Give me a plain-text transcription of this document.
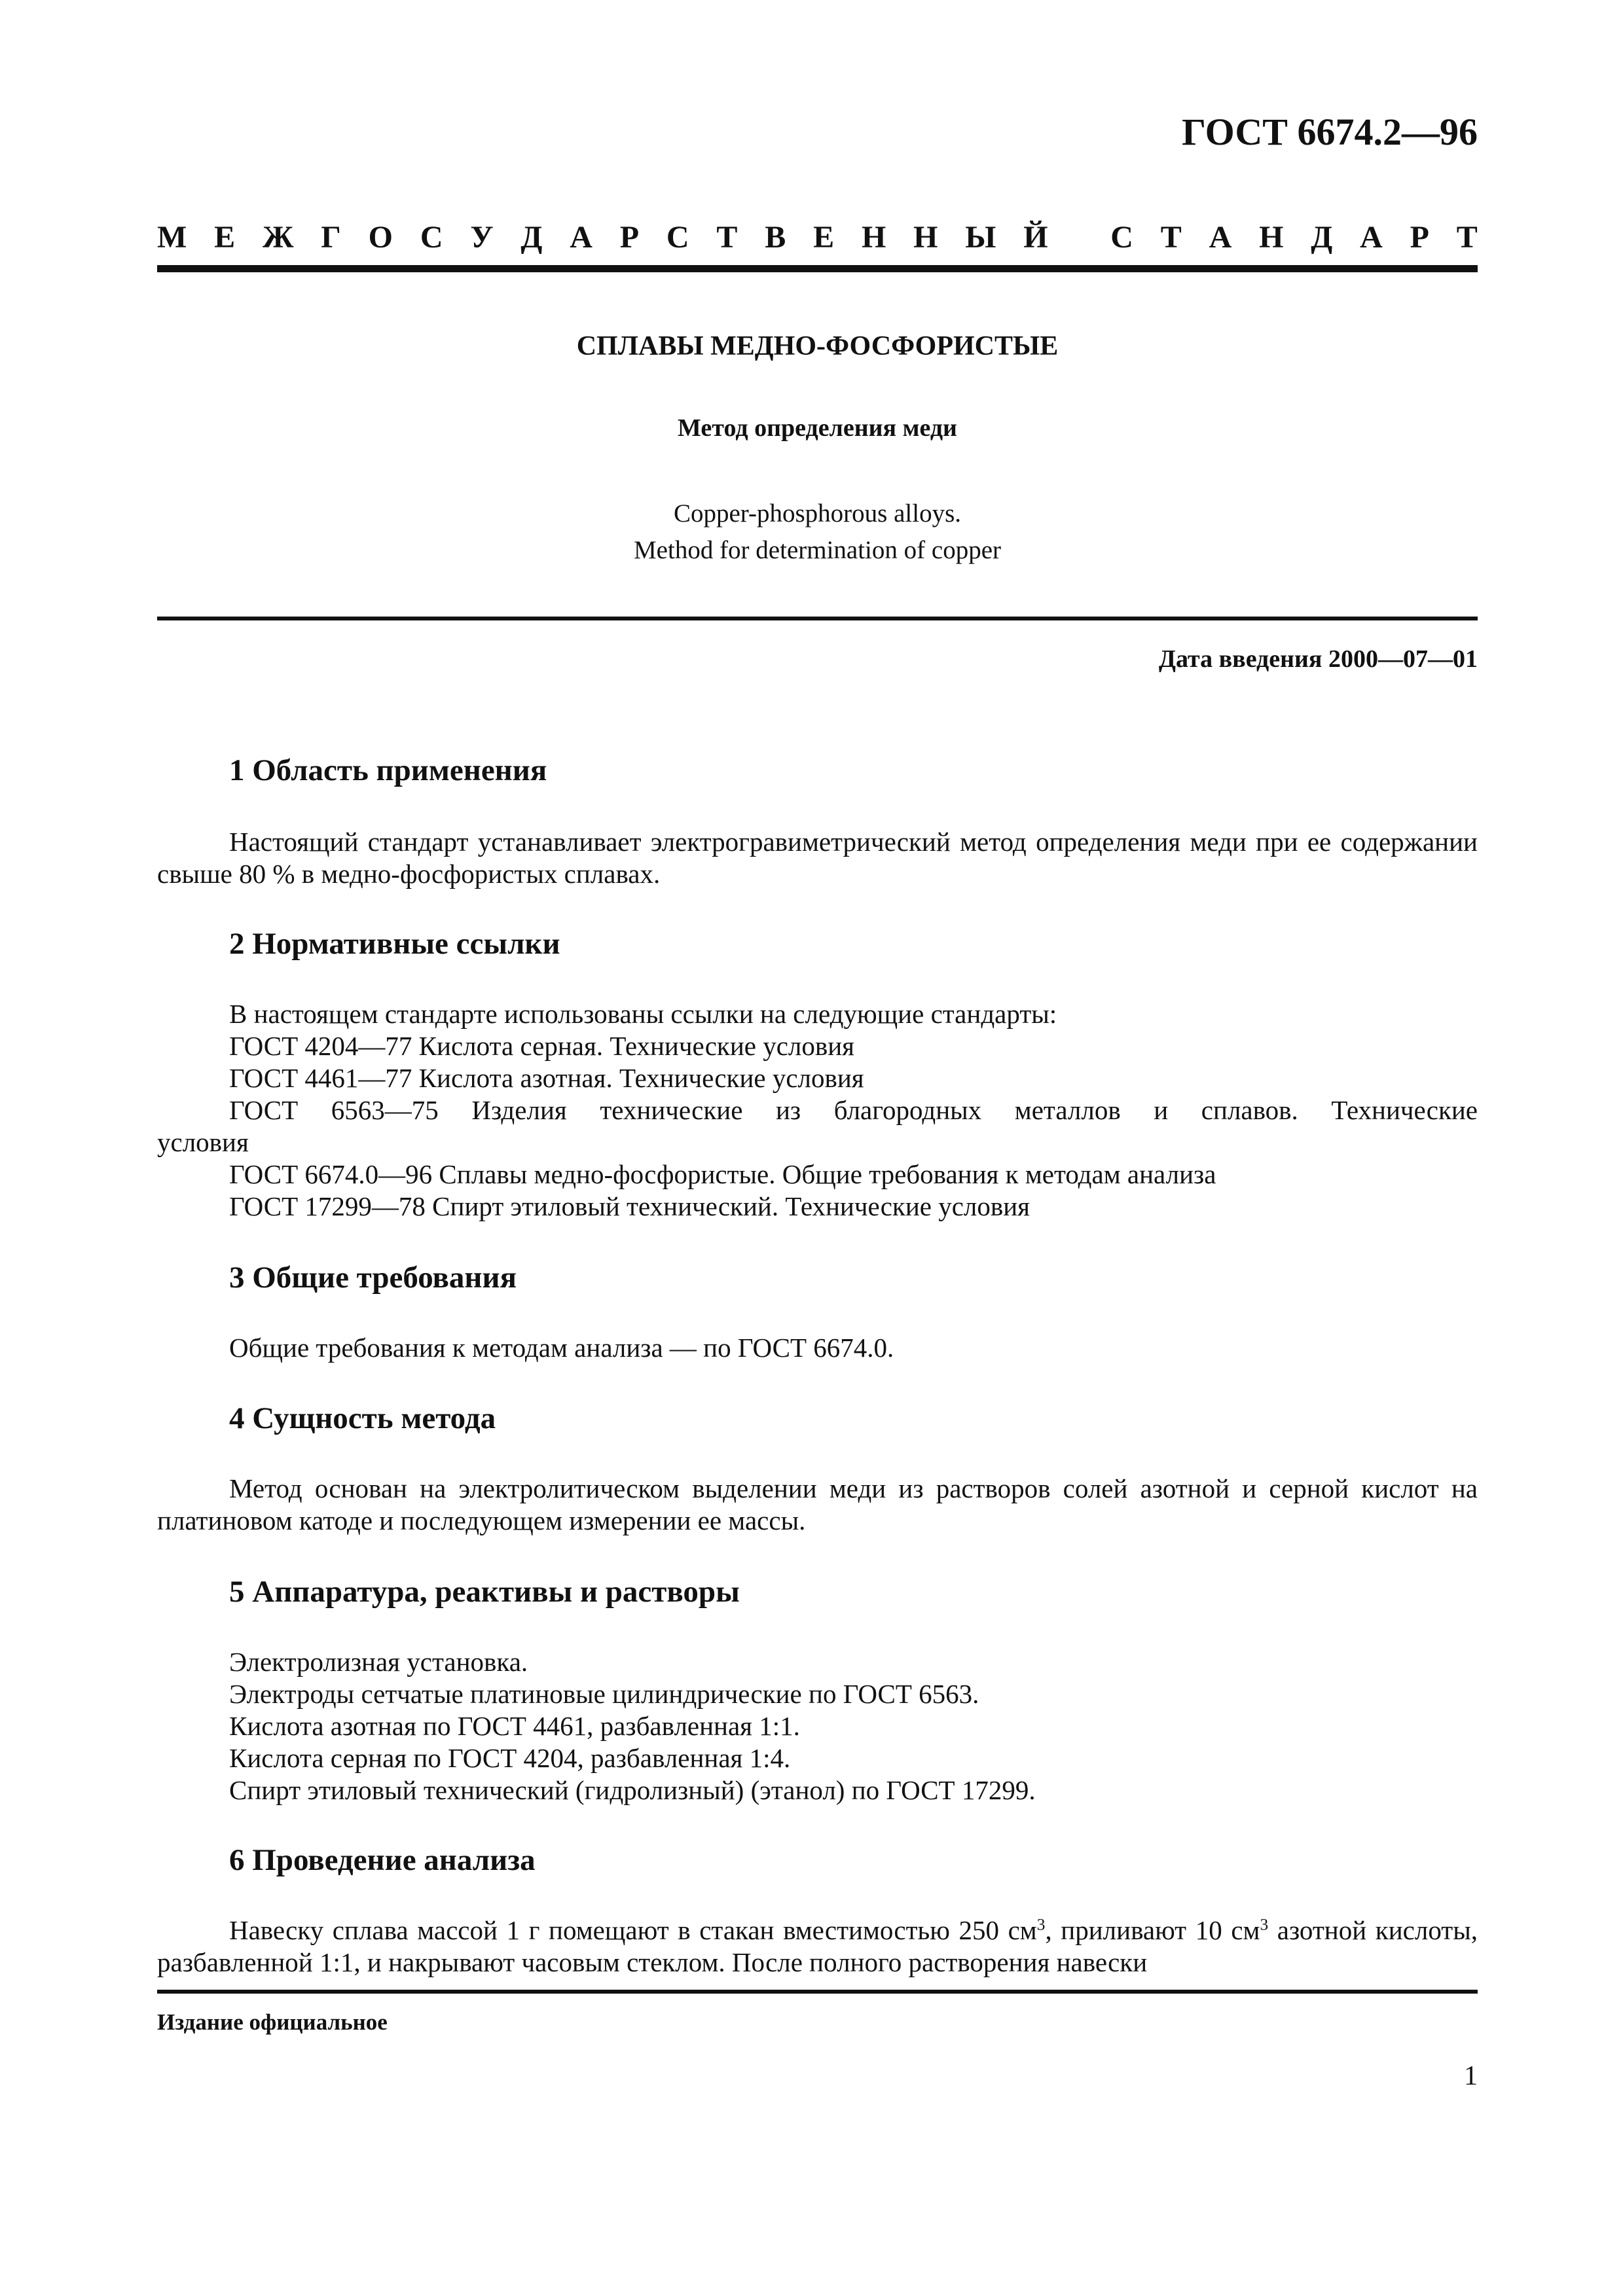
ГОСТ 6674.2—96
М Е Ж Г О С У Д А Р С Т В Е Н Н Ы Й
С Т А Н Д А Р Т
СПЛАВЫ МЕДНО-ФОСФОРИСТЫЕ
Метод определения меди
Copper-phosphorous alloys.
Method for determination of copper
Дата введения 2000—07—01
1 Область применения

Настоящий стандарт устанавливает электрогравиметрический метод определения меди при ее содержании свыше 80 % в медно-фосфористых сплавах.

2 Нормативные ссылки
В настоящем стандарте использованы ссылки на следующие стандарты:
ГОСТ 4204—77 Кислота серная. Технические условия
ГОСТ 4461—77 Кислота азотная. Технические условия
ГОСТ 6563—75 Изделия технические из благородных металлов и сплавов. Технические
условия
ГОСТ 6674.0—96 Сплавы медно-фосфористые. Общие требования к методам анализа
ГОСТ 17299—78 Спирт этиловый технический. Технические условия
3 Общие требования
Общие требования к методам анализа — по ГОСТ 6674.0.
4 Сущность метода

Метод основан на электролитическом выделении меди из растворов солей азотной и серной кислот на платиновом катоде и последующем измерении ее массы.

5 Аппаратура, реактивы и растворы
Электролизная установка.
Электроды сетчатые платиновые цилиндрические по ГОСТ 6563.
Кислота азотная по ГОСТ 4461, разбавленная 1:1.
Кислота серная по ГОСТ 4204, разбавленная 1:4.
Спирт этиловый технический (гидролизный) (этанол) по ГОСТ 17299.
6 Проведение анализа

Навеску сплава массой 1 г помещают в стакан вместимостью 250 $см^3$, приливают 10 $см^3$ азотной кислоты, разбавленной 1:1, и накрывают часовым стеклом. После полного растворения навески

Издание официальное
1
